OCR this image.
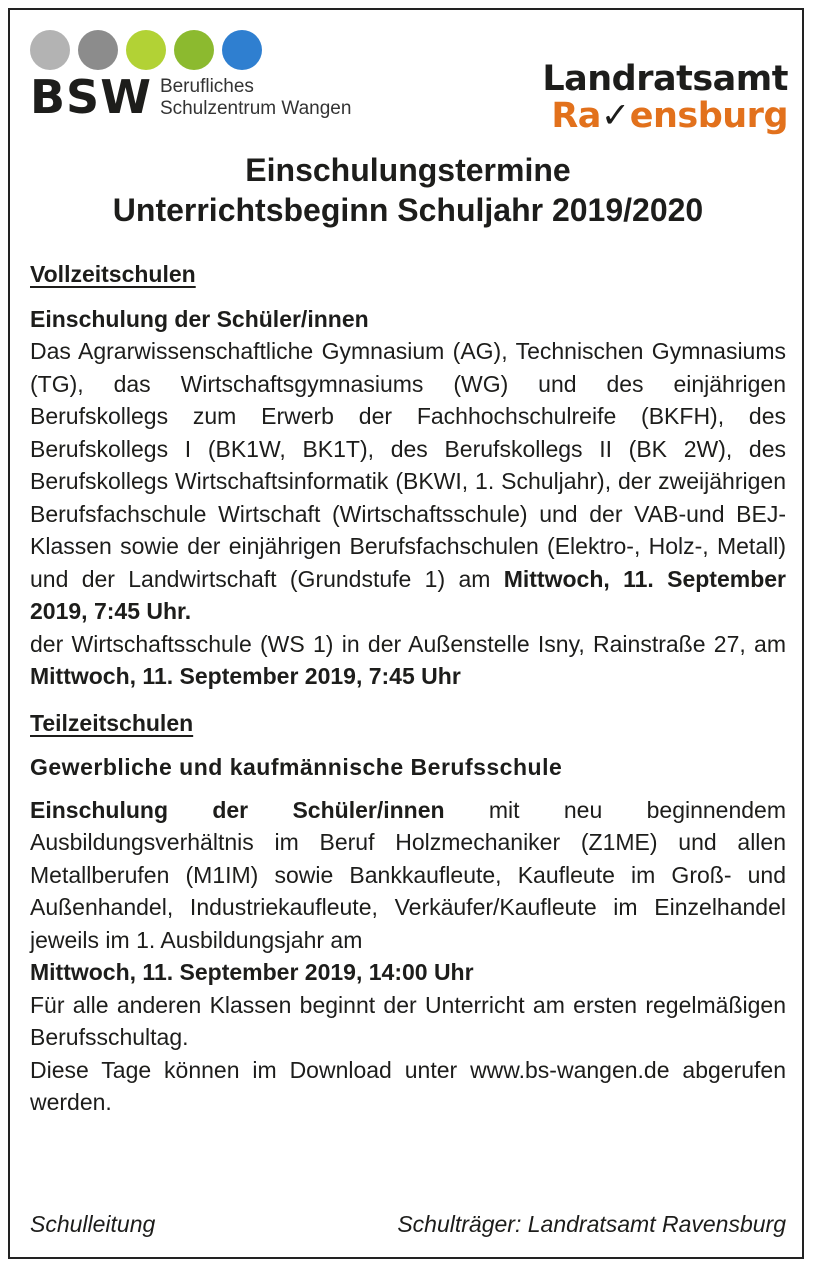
BSW Berufliches
Schulzentrum Wangen
Landratsamt
Ra✓ensburg
Einschulungstermine
Unterrichtsbeginn Schuljahr 2019/2020

Vollzeitschulen

Einschulung der Schüler/innen

Das Agrarwissenschaftliche Gymnasium (AG), Technischen Gymnasiums (TG), das Wirtschaftsgymnasiums (WG) und des einjährigen Berufskollegs zum Erwerb der Fachhochschulreife (BKFH), des Berufskollegs I (BK1W, BK1T), des Berufskollegs II (BK 2W), des Berufskollegs Wirtschaftsinformatik (BKWI, 1. Schuljahr), der zweijährigen Berufsfachschule Wirtschaft (Wirtschaftsschule) und der VAB-und BEJ-Klassen sowie der einjährigen Berufsfachschulen (Elektro-, Holz-, Metall) und der Landwirtschaft (Grundstufe 1) am Mittwoch, 11. September 2019, 7:45 Uhr.

der Wirtschaftsschule (WS 1) in der Außenstelle Isny, Rainstraße 27, am Mittwoch, 11. September 2019, 7:45 Uhr

Teilzeitschulen

Gewerbliche und kaufmännische Berufsschule

Einschulung der Schüler/innen mit neu beginnendem Ausbildungsverhältnis im Beruf Holzmechaniker (Z1ME) und allen Metallberufen (M1IM) sowie Bankkaufleute, Kaufleute im Groß- und Außenhandel, Industriekaufleute, Verkäufer/Kaufleute im Einzelhandel jeweils im 1. Ausbildungsjahr am

Mittwoch, 11. September 2019, 14:00 Uhr

Für alle anderen Klassen beginnt der Unterricht am ersten regelmäßigen Berufsschultag.

Diese Tage können im Download unter www.bs-wangen.de abgerufen werden.

Schulleitung	Schulträger: Landratsamt Ravensburg
